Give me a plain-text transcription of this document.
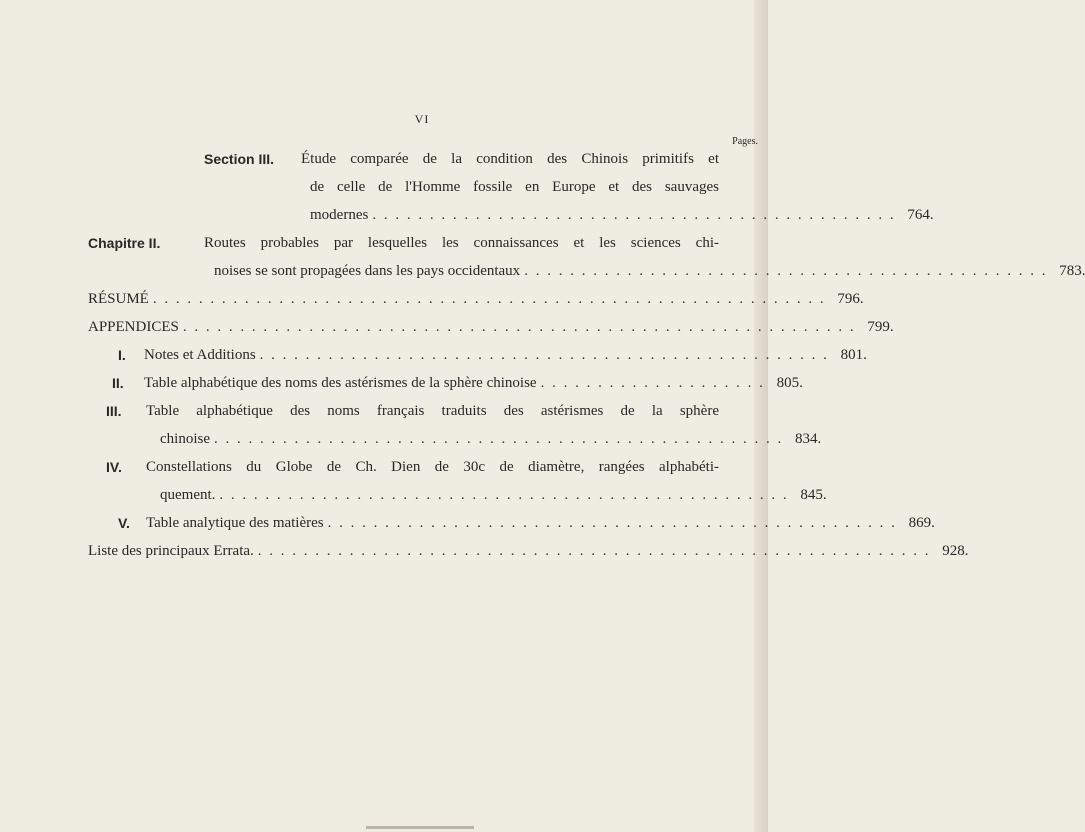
VI
Pages.
Section III. Étude comparée de la condition des Chinois primitifs et
de celle de l'Homme fossile en Europe et des sauvages
modernes . . . . . . . . . . . . . . . . . . . . . . . . . . . . . . . . . . . . . . . . . . . . . . 764.
Chapitre II.	Routes probables par lesquelles les connaissances et les sciences chi-
noises se sont propagées dans les pays occidentaux . . . . . . . . . . . . . . . . . . . . . . . . . . . . . . . . . . . . . . . . . . . . . . 783.
RÉSUMÉ . . . . . . . . . . . . . . . . . . . . . . . . . . . . . . . . . . . . . . . . . . . . . . . . . . . . . . . . . . . 796.
APPENDICES . . . . . . . . . . . . . . . . . . . . . . . . . . . . . . . . . . . . . . . . . . . . . . . . . . . . . . . . . . . 799.
I. Notes et Additions . . . . . . . . . . . . . . . . . . . . . . . . . . . . . . . . . . . . . . . . . . . . . . . . . . 801.
II. Table alphabétique des noms des astérismes de la sphère chinoise . . . . . . . . . . . . . . . . . . . . 805.
III. Table alphabétique des noms français traduits des astérismes de la sphère
chinoise . . . . . . . . . . . . . . . . . . . . . . . . . . . . . . . . . . . . . . . . . . . . . . . . . . 834.
IV. Constellations du Globe de Ch. Dien de 30c de diamètre, rangées alphabéti-
quement. . . . . . . . . . . . . . . . . . . . . . . . . . . . . . . . . . . . . . . . . . . . . . . . . . . 845.
V. Table analytique des matières . . . . . . . . . . . . . . . . . . . . . . . . . . . . . . . . . . . . . . . . . . . . . . . . . . 869.
Liste des principaux Errata. . . . . . . . . . . . . . . . . . . . . . . . . . . . . . . . . . . . . . . . . . . . . . . . . . . . . . . . . . . . 928.
